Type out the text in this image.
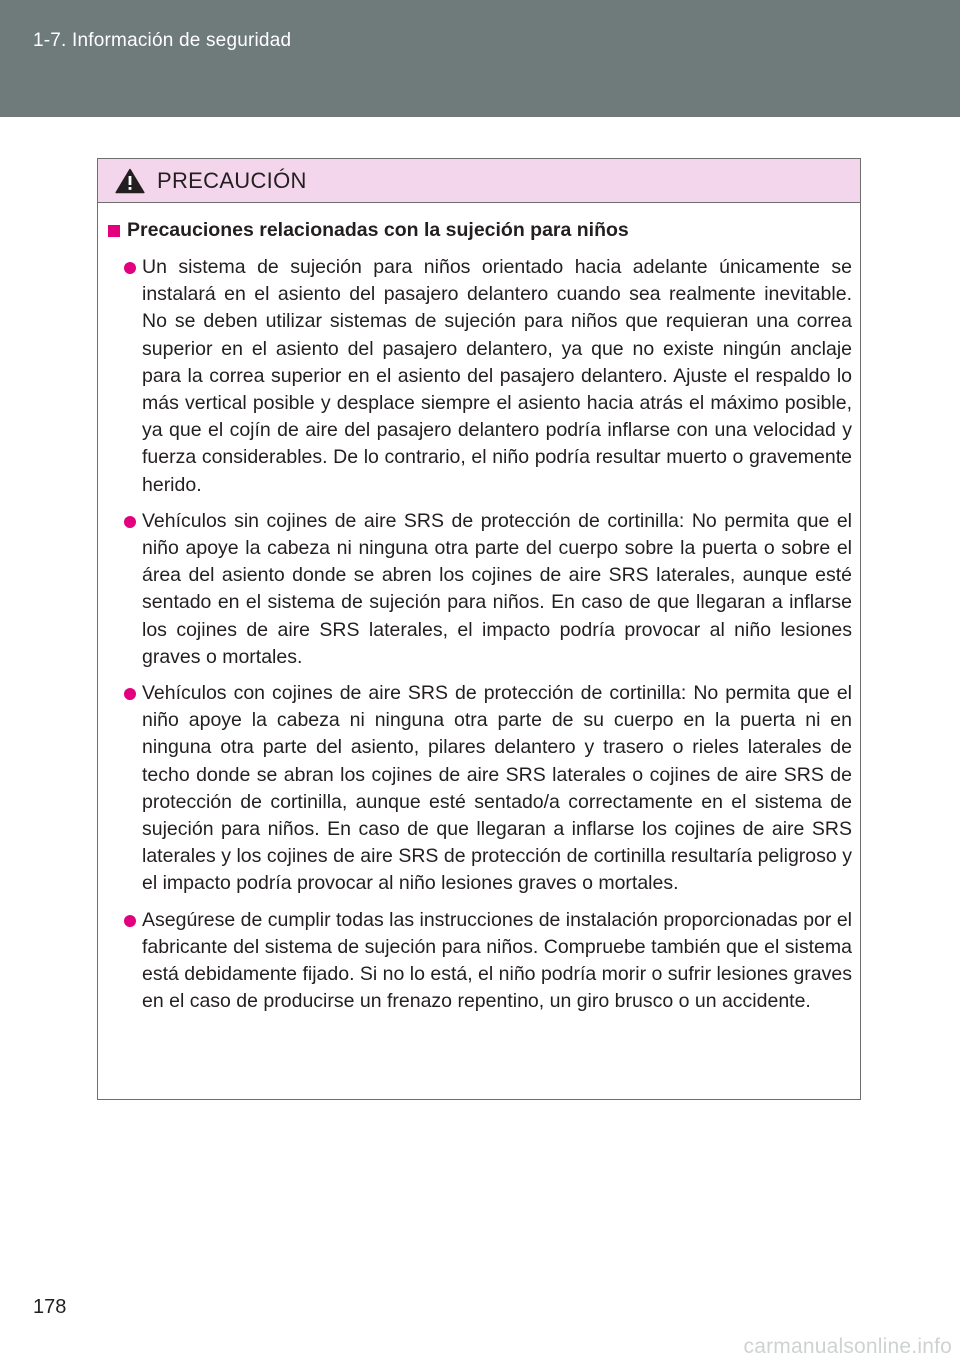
1-7. Información de seguridad
PRECAUCIÓN
Precauciones relacionadas con la sujeción para niños
Un sistema de sujeción para niños orientado hacia adelante únicamente se instalará en el asiento del pasajero delantero cuando sea realmente inevitable. No se deben utilizar sistemas de sujeción para niños que requieran una correa superior en el asiento del pasajero delantero, ya que no existe ningún anclaje para la correa superior en el asiento del pasajero delantero. Ajuste el respaldo lo más vertical posible y desplace siempre el asiento hacia atrás el máximo posible, ya que el cojín de aire del pasajero delantero podría inflarse con una velocidad y fuerza considerables. De lo contrario, el niño podría resultar muerto o gravemente herido.
Vehículos sin cojines de aire SRS de protección de cortinilla: No permita que el niño apoye la cabeza ni ninguna otra parte del cuerpo sobre la puerta o sobre el área del asiento donde se abren los cojines de aire SRS laterales, aunque esté sentado en el sistema de sujeción para niños. En caso de que llegaran a inflarse los cojines de aire SRS laterales, el impacto podría provocar al niño lesiones graves o mortales.
Vehículos con cojines de aire SRS de protección de cortinilla: No permita que el niño apoye la cabeza ni ninguna otra parte de su cuerpo en la puerta ni en ninguna otra parte del asiento, pilares delantero y trasero o rieles laterales de techo donde se abran los cojines de aire SRS laterales o cojines de aire SRS de protección de cortinilla, aunque esté sentado/a correctamente en el sistema de sujeción para niños. En caso de que llegaran a inflarse los cojines de aire SRS laterales y los cojines de aire SRS de protección de cortinilla resultaría peligroso y el impacto podría provocar al niño lesiones graves o mortales.
Asegúrese de cumplir todas las instrucciones de instalación proporcionadas por el fabricante del sistema de sujeción para niños. Compruebe también que el sistema está debidamente fijado. Si no lo está, el niño podría morir o sufrir lesiones graves en el caso de producirse un frenazo repentino, un giro brusco o un accidente.
178
carmanualsonline.info
